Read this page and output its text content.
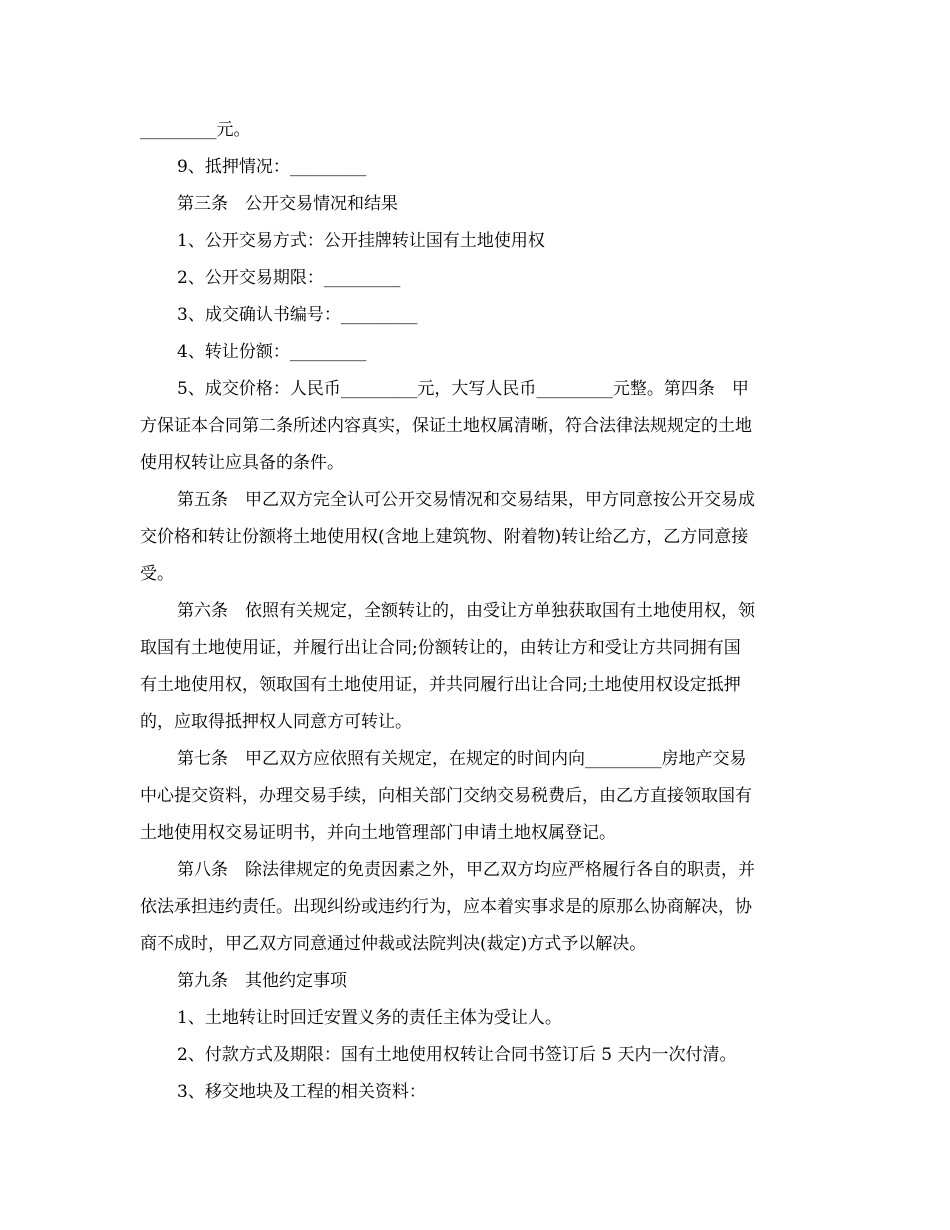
_________元。
9、抵押情况：_________
第三条　公开交易情况和结果
1、公开交易方式：公开挂牌转让国有土地使用权
2、公开交易期限：_________
3、成交确认书编号：_________
4、转让份额：_________
5、成交价格：人民币_________元，大写人民币_________元整。第四条　甲
方保证本合同第二条所述内容真实，保证土地权属清晰，符合法律法规规定的土地
使用权转让应具备的条件。
第五条　甲乙双方完全认可公开交易情况和交易结果，甲方同意按公开交易成
交价格和转让份额将土地使用权(含地上建筑物、附着物)转让给乙方，乙方同意接
受。
第六条　依照有关规定，全额转让的，由受让方单独获取国有土地使用权，领
取国有土地使用证，并履行出让合同;份额转让的，由转让方和受让方共同拥有国
有土地使用权，领取国有土地使用证，并共同履行出让合同;土地使用权设定抵押
的，应取得抵押权人同意方可转让。
第七条　甲乙双方应依照有关规定，在规定的时间内向_________房地产交易
中心提交资料，办理交易手续，向相关部门交纳交易税费后，由乙方直接领取国有
土地使用权交易证明书，并向土地管理部门申请土地权属登记。
第八条　除法律规定的免责因素之外，甲乙双方均应严格履行各自的职责，并
依法承担违约责任。出现纠纷或违约行为，应本着实事求是的原那么协商解决，协
商不成时，甲乙双方同意通过仲裁或法院判决(裁定)方式予以解决。
第九条　其他约定事项
1、土地转让时回迁安置义务的责任主体为受让人。
2、付款方式及期限：国有土地使用权转让合同书签订后 5 天内一次付清。
3、移交地块及工程的相关资料：
